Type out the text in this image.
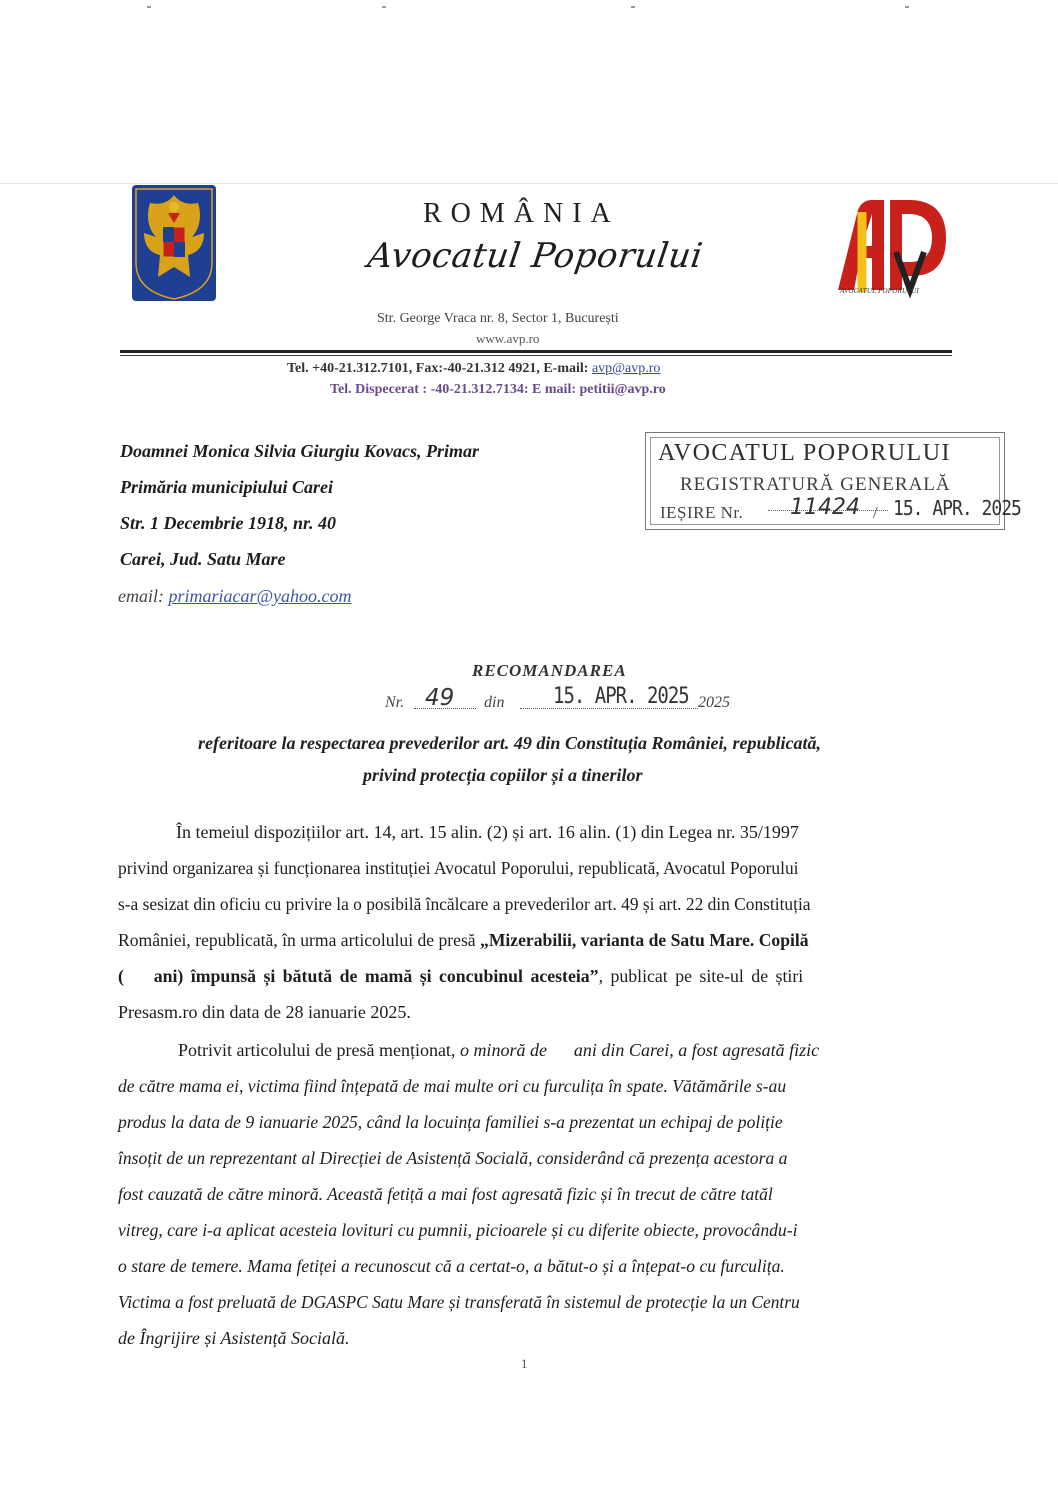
ROMÂNIA
Avocatul Poporului
AVOCATUL POPORULUI
Str. George Vraca nr. 8, Sector 1, București
www.avp.ro
Tel. +40-21.312.7101, Fax:-40-21.312 4921, E-mail: avp@avp.ro
Tel. Dispecerat : -40-21.312.7134: E mail: petitii@avp.ro
Doamnei Monica Silvia Giurgiu Kovacs, Primar
Primăria municipiului Carei
Str. 1 Decembrie 1918, nr. 40
Carei, Jud. Satu Mare
email: primariacar@yahoo.com
AVOCATUL POPORULUI
REGISTRATURĂ GENERALĂ
IEȘIRE Nr. 11424 / 15. APR. 2025
RECOMANDAREA
Nr. 49 din	15. APR. 2025 2025
referitoare la respectarea prevederilor art. 49 din Constituția României, republicată,
privind protecția copiilor și a tinerilor
În temeiul dispozițiilor art. 14, art. 15 alin. (2) și art. 16 alin. (1) din Legea nr. 35/1997
privind organizarea și funcționarea instituției Avocatul Poporului, republicată, Avocatul Poporului
s-a sesizat din oficiu cu privire la o posibilă încălcare a prevederilor art. 49 și art. 22 din Constituția
României, republicată, în urma articolului de presă „Mizerabilii, varianta de Satu Mare. Copilă
(    ani) împunsă și bătută de mamă și concubinul acesteia”, publicat pe site-ul de știri
Presasm.ro din data de 28 ianuarie 2025.
Potrivit articolului de presă menționat, o minoră de      ani din Carei, a fost agresată fizic
de către mama ei, victima fiind înțepată de mai multe ori cu furculița în spate. Vătămările s-au
produs la data de 9 ianuarie 2025, când la locuința familiei s-a prezentat un echipaj de poliție
însoțit de un reprezentant al Direcției de Asistență Socială, considerând că prezența acestora a
fost cauzată de către minoră. Această fetiță a mai fost agresată fizic și în trecut de către tatăl
vitreg, care i-a aplicat acesteia lovituri cu pumnii, picioarele și cu diferite obiecte, provocându-i
o stare de temere. Mama fetiței a recunoscut că a certat-o, a bătut-o și a înțepat-o cu furculița.
Victima a fost preluată de DGASPC Satu Mare și transferată în sistemul de protecție la un Centru
de Îngrijire și Asistență Socială.
1
